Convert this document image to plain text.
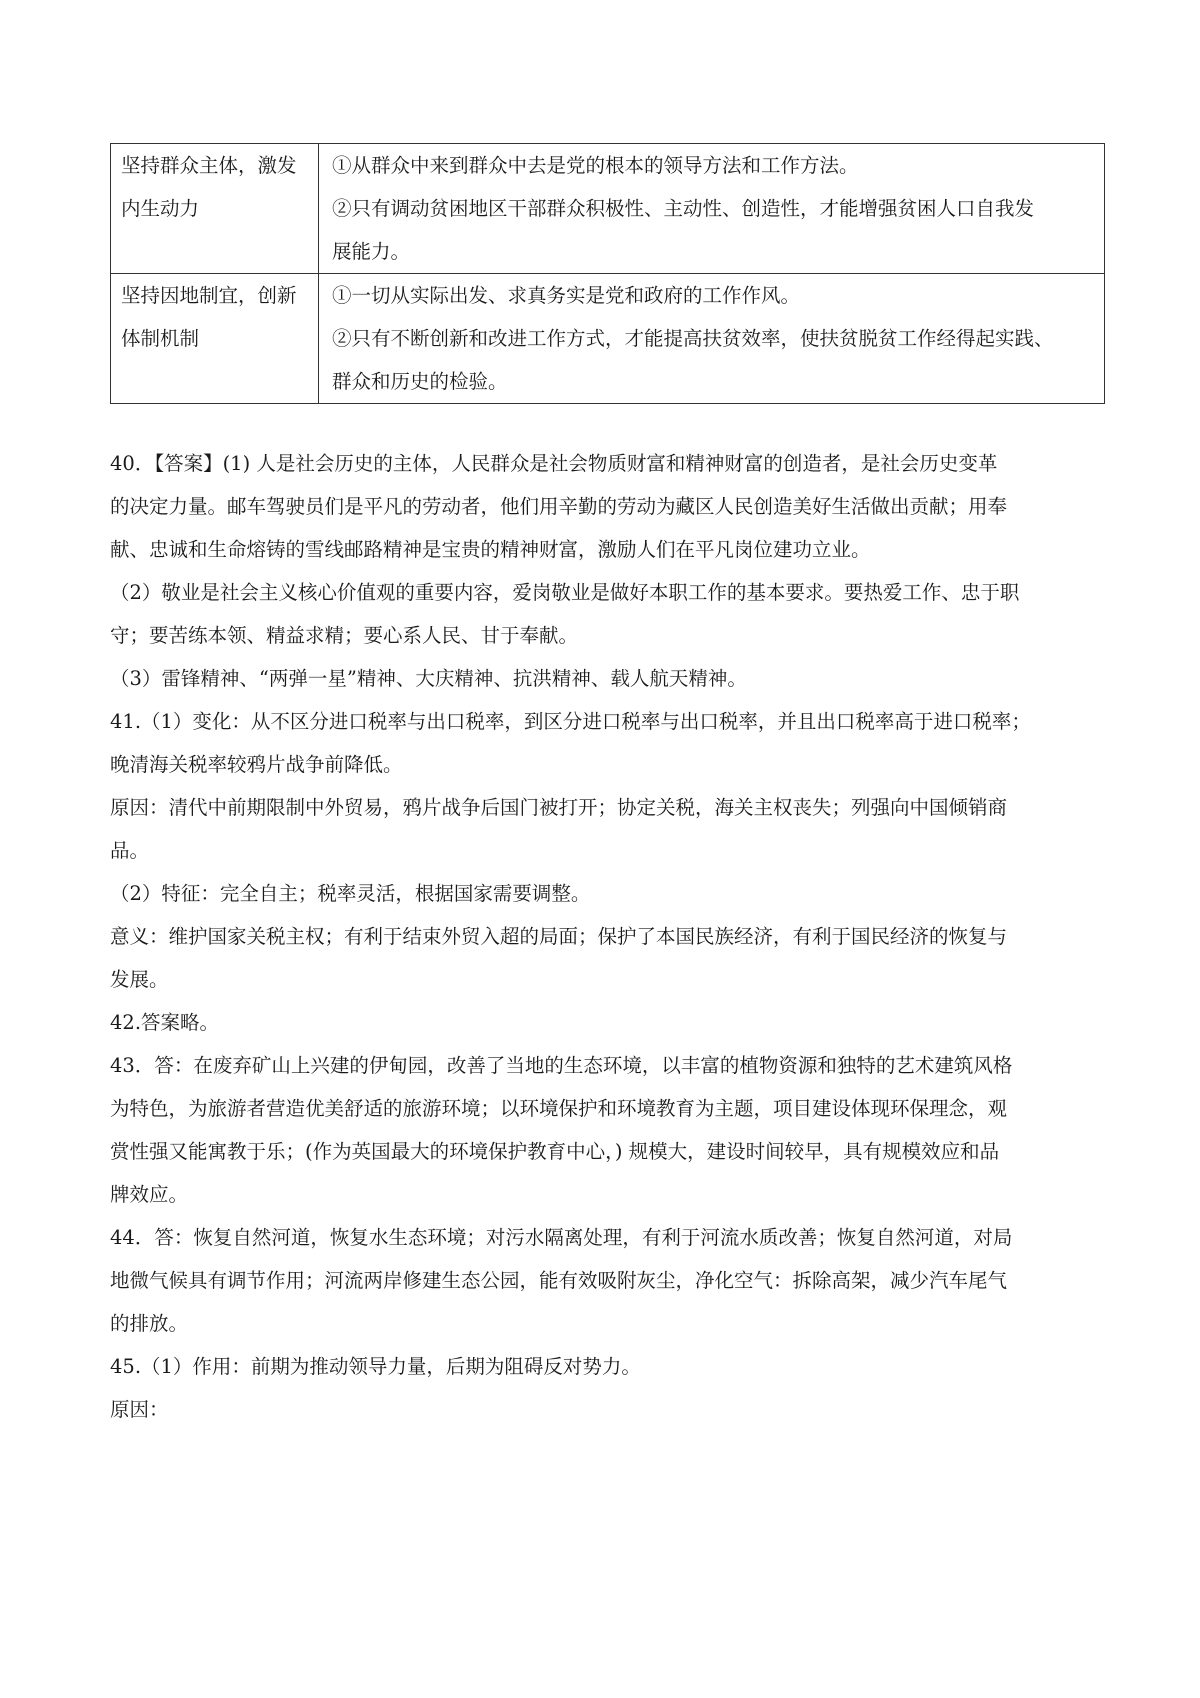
坚持群众主体，激发
内生动力	①从群众中来到群众中去是党的根本的领导方法和工作方法。
②只有调动贫困地区干部群众积极性、主动性、创造性，才能增强贫困人口自我发
展能力。

坚持因地制宜，创新
体制机制	①一切从实际出发、求真务实是党和政府的工作作风。
②只有不断创新和改进工作方式，才能提高扶贫效率，使扶贫脱贫工作经得起实践、
群众和历史的检验。

40．【答案】(1) 人是社会历史的主体，人民群众是社会物质财富和精神财富的创造者，是社会历史变革

的决定力量。邮车驾驶员们是平凡的劳动者，他们用辛勤的劳动为藏区人民创造美好生活做出贡献；用奉

献、忠诚和生命熔铸的雪线邮路精神是宝贵的精神财富，激励人们在平凡岗位建功立业。

（2）敬业是社会主义核心价值观的重要内容，爱岗敬业是做好本职工作的基本要求。要热爱工作、忠于职

守；要苦练本领、精益求精；要心系人民、甘于奉献。

（3）雷锋精神、“两弹一星”精神、大庆精神、抗洪精神、载人航天精神。

41.（1）变化：从不区分进口税率与出口税率，到区分进口税率与出口税率，并且出口税率高于进口税率；

晚清海关税率较鸦片战争前降低。

原因：清代中前期限制中外贸易，鸦片战争后国门被打开；协定关税，海关主权丧失；列强向中国倾销商

品。

（2）特征：完全自主；税率灵活，根据国家需要调整。

意义：维护国家关税主权；有利于结束外贸入超的局面；保护了本国民族经济，有利于国民经济的恢复与

发展。

42.答案略。

43．答：在废弃矿山上兴建的伊甸园，改善了当地的生态环境，以丰富的植物资源和独特的艺术建筑风格

为特色，为旅游者营造优美舒适的旅游环境；以环境保护和环境教育为主题，项目建设体现环保理念，观

赏性强又能寓教于乐；(作为英国最大的环境保护教育中心，) 规模大，建设时间较早，具有规模效应和品

牌效应。

44．答：恢复自然河道，恢复水生态环境；对污水隔离处理，有利于河流水质改善；恢复自然河道，对局

地微气候具有调节作用；河流两岸修建生态公园，能有效吸附灰尘，净化空气：拆除高架，减少汽车尾气

的排放。

45.（1）作用：前期为推动领导力量，后期为阻碍反对势力。

原因：
